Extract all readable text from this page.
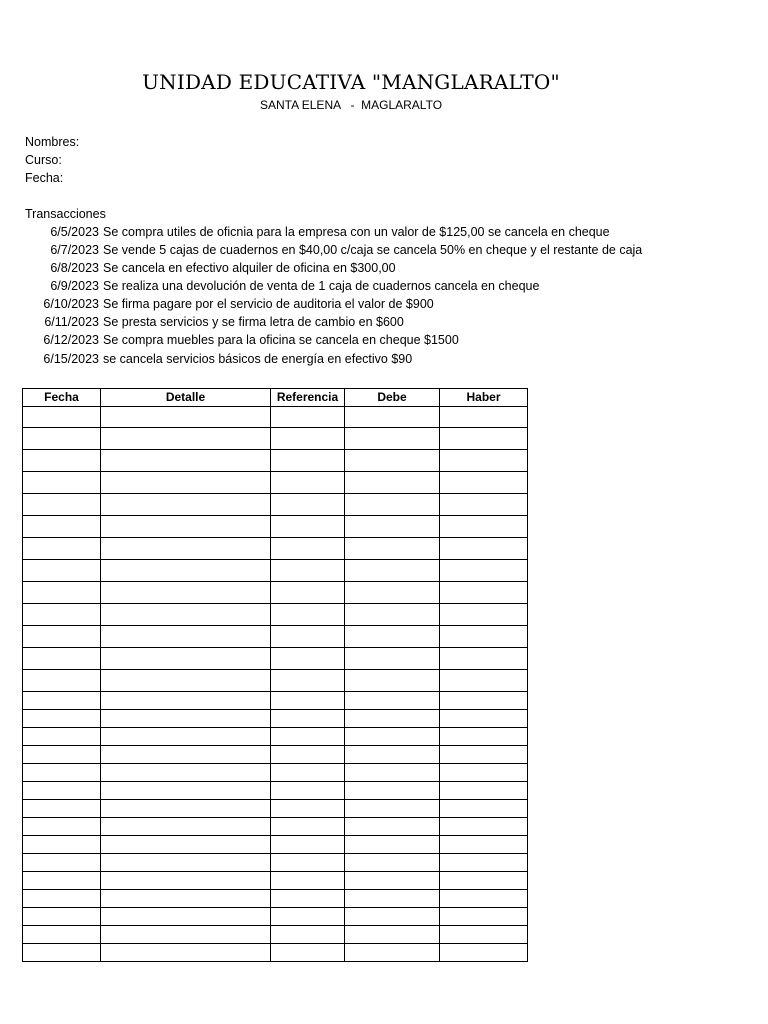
UNIDAD EDUCATIVA "MANGLARALTO"
SANTA ELENA   -  MAGLARALTO
Nombres:
Curso:
Fecha:
Transacciones
6/5/2023 Se compra utiles de oficnia para la empresa con un valor de $125,00 se cancela en cheque
6/7/2023 Se vende 5 cajas de cuadernos en $40,00 c/caja se cancela 50% en cheque y el restante de caja
6/8/2023 Se cancela en efectivo alquiler de oficina en $300,00
6/9/2023 Se realiza una devolución de venta de 1 caja de cuadernos cancela en cheque
6/10/2023 Se firma pagare por el servicio de auditoria el valor de $900
6/11/2023 Se presta servicios y se firma letra de cambio en $600
6/12/2023 Se compra muebles para la oficina se cancela en cheque $1500
6/15/2023 se cancela servicios básicos de energía en efectivo $90
Fecha	Detalle	Referencia	Debe	Haber
